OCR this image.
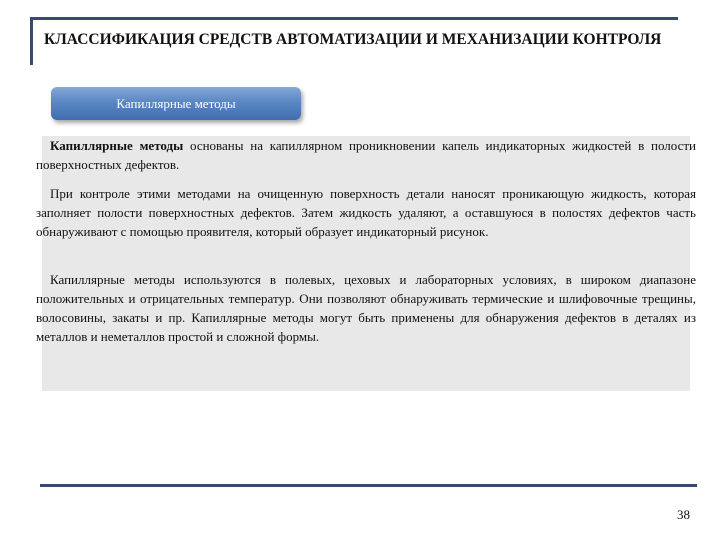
КЛАССИФИКАЦИЯ СРЕДСТВ АВТОМАТИЗАЦИИ И МЕХАНИЗАЦИИ КОНТРОЛЯ
Капиллярные методы

Капиллярные методы основаны на капиллярном проникновении капель индикаторных жидкостей в полости поверхностных дефектов.

При контроле этими методами на очищенную поверхность детали наносят проникающую жидкость, которая заполняет полости поверхностных дефектов. Затем жидкость удаляют, а оставшуюся в полостях дефектов часть обнаруживают с помощью проявителя, который образует индикаторный рисунок.

Капиллярные методы используются в полевых, цеховых и лабораторных условиях, в широком диапазоне положительных и отрицательных температур. Они позволяют обнаруживать термические и шлифовочные трещины, волосовины, закаты и пр. Капиллярные методы могут быть применены для обнаружения дефектов в деталях из металлов и неметаллов простой и сложной формы.

38
